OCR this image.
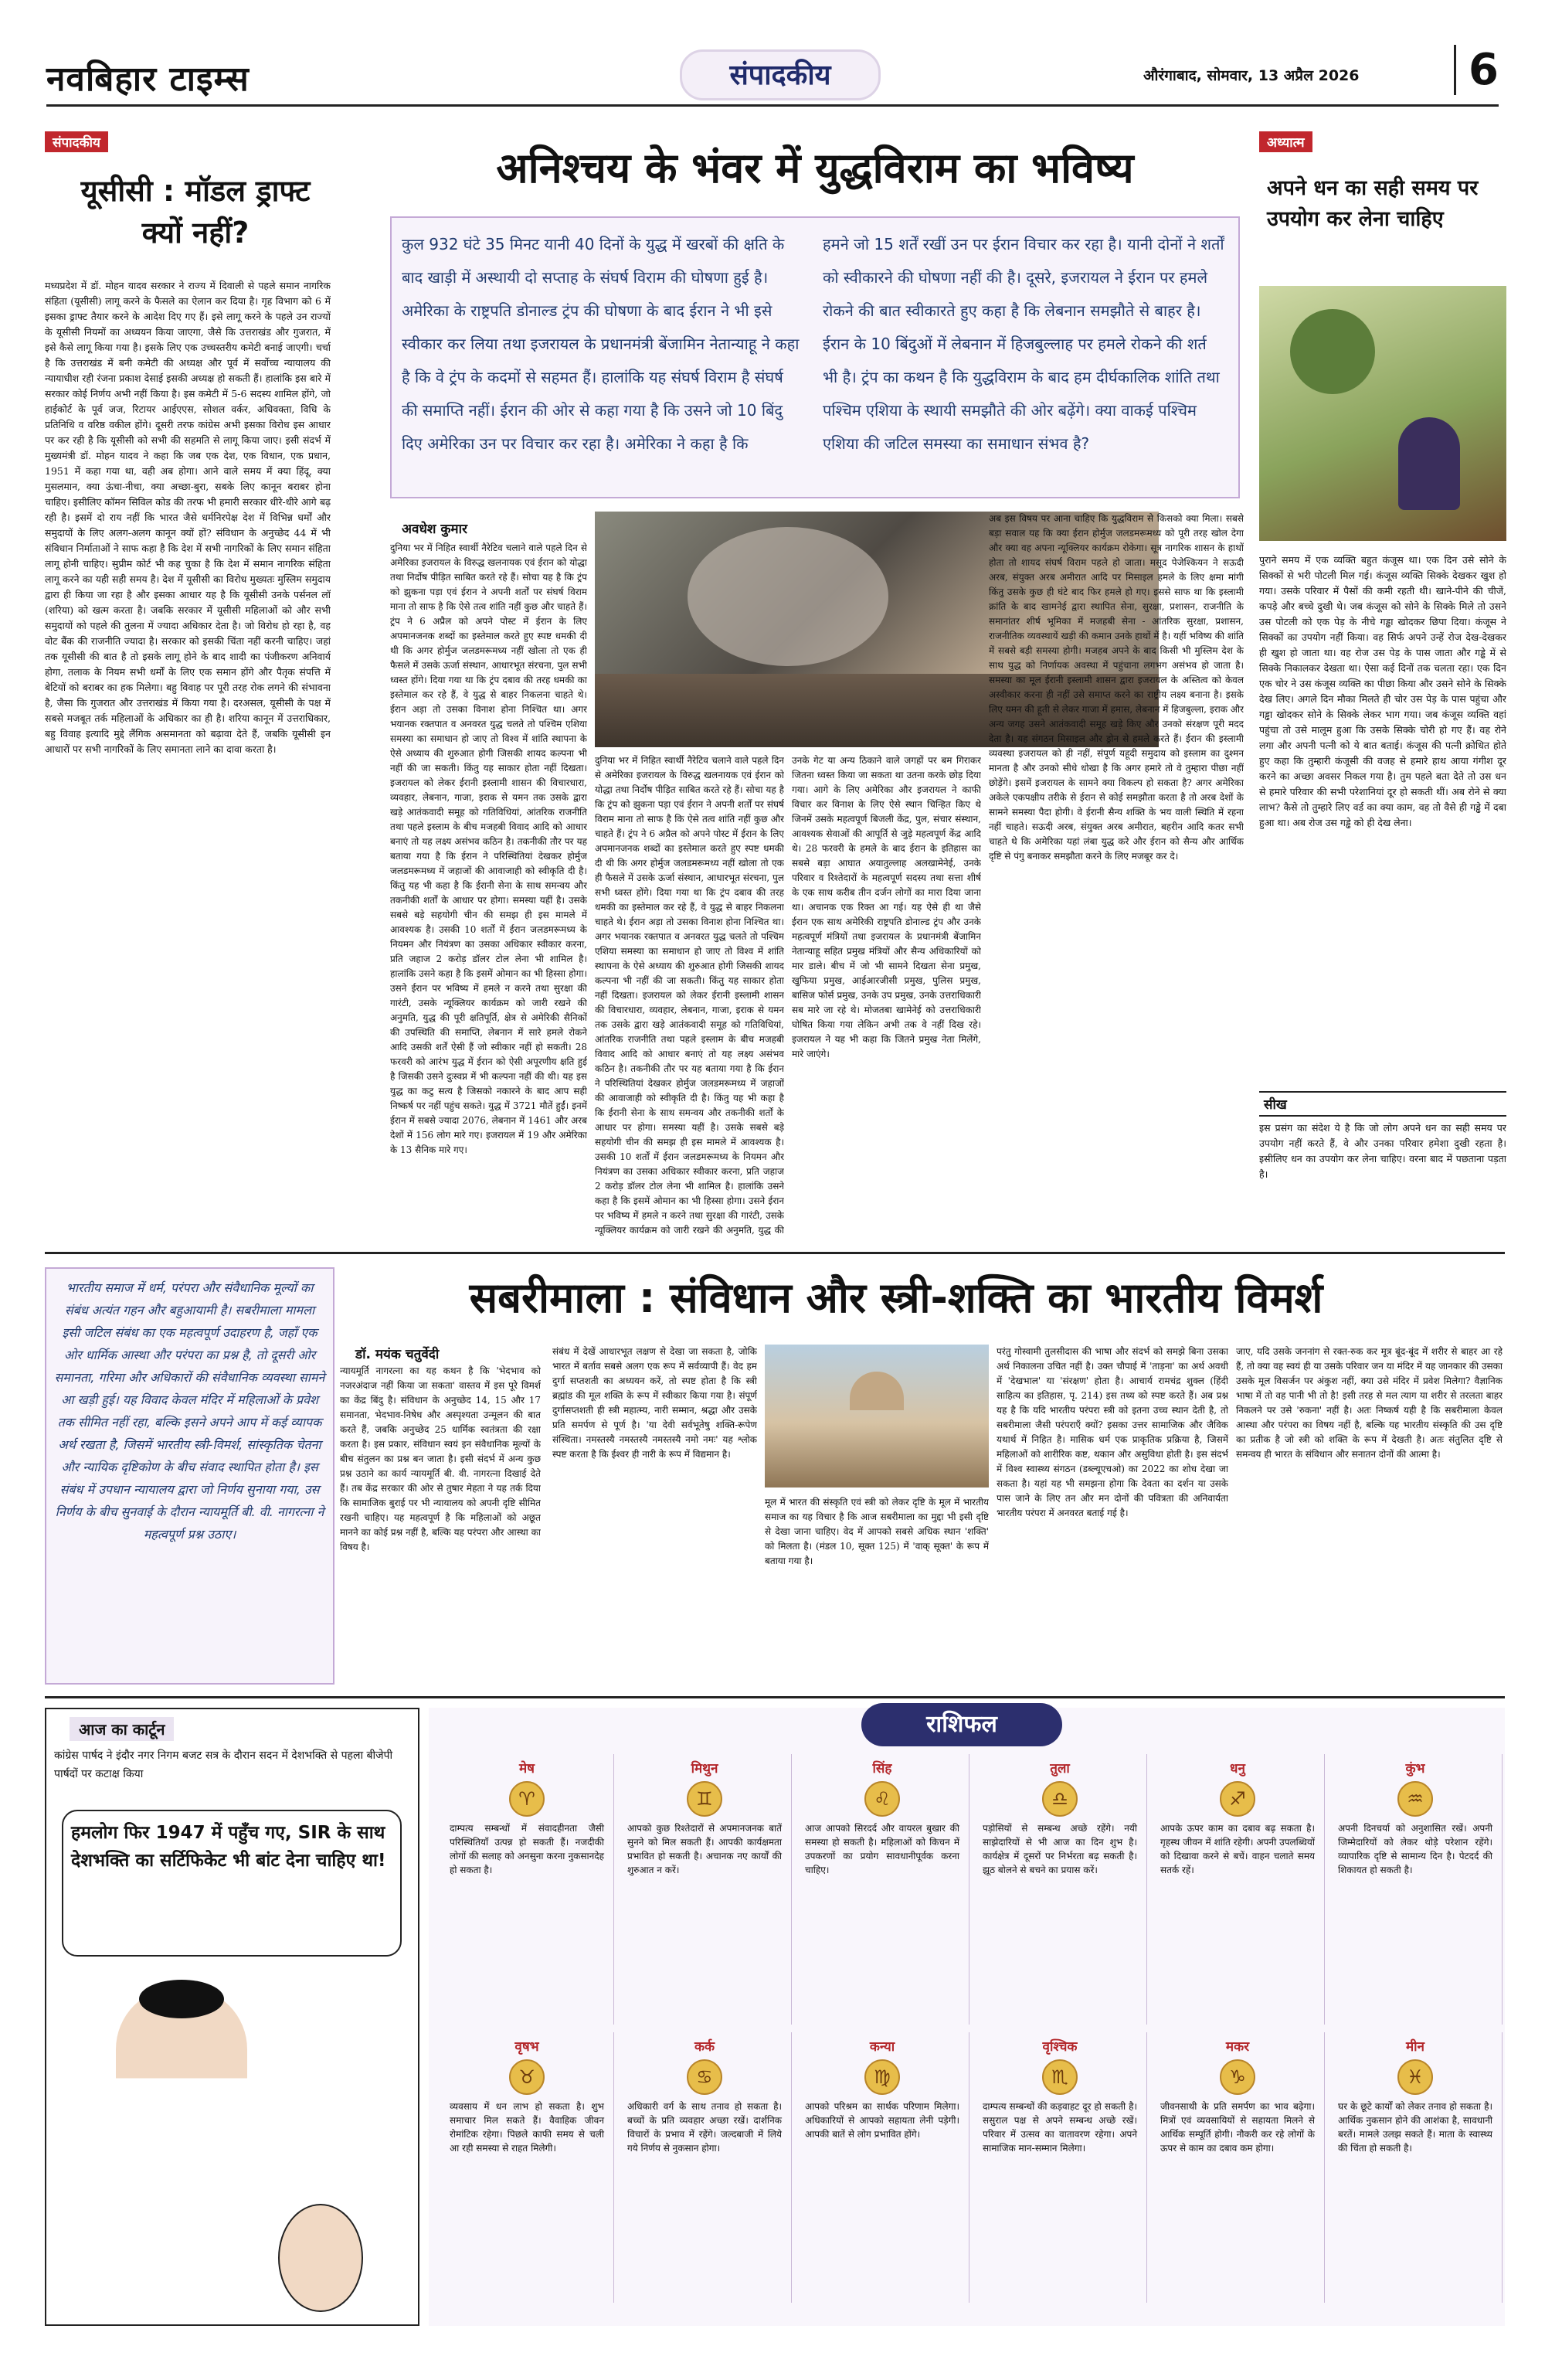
नवबिहार टाइम्स	संपादकीय	औरंगाबाद, सोमवार, 13 अप्रैल 2026	6
संपादकीय
यूसीसी : मॉडल ड्राफ्ट क्यों नहीं?
मध्यप्रदेश में डॉ. मोहन यादव सरकार ने राज्य में दिवाली से पहले समान नागरिक संहिता (यूसीसी) लागू करने के फैसले का ऐलान कर दिया है। गृह विभाग को 6 में इसका ड्राफ्ट तैयार करने के आदेश दिए गए हैं। इसे लागू करने के पहले उन राज्यों के यूसीसी नियमों का अध्ययन किया जाएगा, जैसे कि उत्तराखंड और गुजरात, में इसे कैसे लागू किया गया है। इसके लिए एक उच्चस्तरीय कमेटी बनाई जाएगी। चर्चा है कि उत्तराखंड में बनी कमेटी की अध्यक्ष और पूर्व में सर्वोच्च न्यायालय की न्यायाधीश रही रंजना प्रकाश देसाई इसकी अध्यक्ष हो सकती हैं। हालांकि इस बारे में सरकार कोई निर्णय अभी नहीं किया है। इस कमेटी में 5-6 सदस्य शामिल होंगे, जो हाईकोर्ट के पूर्व जज, रिटायर आईएएस, सोशल वर्कर, अधिवक्ता, विधि के प्रतिनिधि व वरिष्ठ वकील होंगे। दूसरी तरफ कांग्रेस अभी इसका विरोध इस आधार पर कर रही है कि यूसीसी को सभी की सहमति से लागू किया जाए। इसी संदर्भ में मुख्यमंत्री डॉ. मोहन यादव ने कहा कि जब एक देश, एक विधान, एक प्रधान, 1951 में कहा गया था, वही अब होगा। आने वाले समय में क्या हिंदू, क्या मुसलमान, क्या ऊंचा-नीचा, क्या अच्छा-बुरा, सबके लिए कानून बराबर होना चाहिए। इसीलिए कॉमन सिविल कोड की तरफ भी हमारी सरकार धीरे-धीरे आगे बढ़ रही है। इसमें दो राय नहीं कि भारत जैसे धर्मनिरपेक्ष देश में विभिन्न धर्मों और समुदायों के लिए अलग-अलग कानून क्यों हों? संविधान के अनुच्छेद 44 में भी संविधान निर्माताओं ने साफ कहा है कि देश में सभी नागरिकों के लिए समान संहिता लागू होनी चाहिए। सुप्रीम कोर्ट भी कह चुका है कि देश में समान नागरिक संहिता लागू करने का यही सही समय है। देश में यूसीसी का विरोध मुख्यतः मुस्लिम समुदाय द्वारा ही किया जा रहा है और इसका आधार यह है कि यूसीसी उनके पर्सनल लॉ (शरिया) को खत्म करता है। जबकि सरकार में यूसीसी महिलाओं को और सभी समुदायों को पहले की तुलना में ज्यादा अधिकार देता है। जो विरोध हो रहा है, वह वोट बैंक की राजनीति ज्यादा है। सरकार को इसकी चिंता नहीं करनी चाहिए। जहां तक यूसीसी की बात है तो इसके लागू होने के बाद शादी का पंजीकरण अनिवार्य होगा, तलाक के नियम सभी धर्मों के लिए एक समान होंगे और पैतृक संपत्ति में बेटियों को बराबर का हक मिलेगा। बहु विवाह पर पूरी तरह रोक लगने की संभावना है, जैसा कि गुजरात और उत्तराखंड में किया गया है। दरअसल, यूसीसी के पक्ष में सबसे मजबूत तर्क महिलाओं के अधिकार का ही है। शरिया कानून में उत्तराधिकार, बहु विवाह इत्यादि मुद्दे लैंगिक असमानता को बढ़ावा देते हैं, जबकि यूसीसी इन आधारों पर सभी नागरिकों के लिए समानता लाने का दावा करता है।
अनिश्चय के भंवर में युद्धविराम का भविष्य
कुल 932 घंटे 35 मिनट यानी 40 दिनों के युद्ध में खरबों की क्षति के बाद खाड़ी में अस्थायी दो सप्ताह के संघर्ष विराम की घोषणा हुई है। अमेरिका के राष्ट्रपति डोनाल्ड ट्रंप की घोषणा के बाद ईरान ने भी इसे स्वीकार कर लिया तथा इजरायल के प्रधानमंत्री बेंजामिन नेतान्याहू ने कहा है कि वे ट्रंप के कदमों से सहमत हैं। हालांकि यह संघर्ष विराम है संघर्ष की समाप्ति नहीं। ईरान की ओर से कहा गया है कि उसने जो 10 बिंदु दिए अमेरिका उन पर विचार कर रहा है। अमेरिका ने कहा है कि
हमने जो 15 शर्तें रखीं उन पर ईरान विचार कर रहा है। यानी दोनों ने शर्तों को स्वीकारने की घोषणा नहीं की है। दूसरे, इजरायल ने ईरान पर हमले रोकने की बात स्वीकारते हुए कहा है कि लेबनान समझौते से बाहर है। ईरान के 10 बिंदुओं में लेबनान में हिजबुल्लाह पर हमले रोकने की शर्त भी है। ट्रंप का कथन है कि युद्धविराम के बाद हम दीर्घकालिक शांति तथा पश्चिम एशिया के स्थायी समझौते की ओर बढ़ेंगे। क्या वाकई पश्चिम एशिया की जटिल समस्या का समाधान संभव है?
अवधेश कुमार
दुनिया भर में निहित स्वार्थी नैरेटिव चलाने वाले पहले दिन से अमेरिका इजरायल के विरुद्ध खलनायक एवं ईरान को योद्धा तथा निर्दोष पीड़ित साबित करते रहे हैं। सोचा यह है कि ट्रंप को झुकना पड़ा एवं ईरान ने अपनी शर्तों पर संघर्ष विराम माना तो साफ है कि ऐसे तत्व शांति नहीं कुछ और चाहते हैं। ट्रंप ने 6 अप्रैल को अपने पोस्ट में ईरान के लिए अपमानजनक शब्दों का इस्तेमाल करते हुए स्पष्ट धमकी दी थी कि अगर होर्मुज जलडमरूमध्य नहीं खोला तो एक ही फैसले में उसके ऊर्जा संस्थान, आधारभूत संरचना, पुल सभी ध्वस्त होंगे। दिया गया था कि ट्रंप दबाव की तरह धमकी का इस्तेमाल कर रहे हैं, वे युद्ध से बाहर निकलना चाहते थे। ईरान अड़ा तो उसका विनाश होना निश्चित था। अगर भयानक रक्तपात व अनवरत युद्ध चलते तो पश्चिम एशिया समस्या का समाधान हो जाए तो विश्व में शांति स्थापना के ऐसे अध्याय की शुरुआत होगी जिसकी शायद कल्पना भी नहीं की जा सकती। किंतु यह साकार होता नहीं दिखता। इजरायल को लेकर ईरानी इस्लामी शासन की विचारधारा, व्यवहार, लेबनान, गाजा, इराक से यमन तक उसके द्वारा खड़े आतंकवादी समूह को गतिविधियां, आंतरिक राजनीति तथा पहले इस्लाम के बीच मजहबी विवाद आदि को आधार बनाएं तो यह लक्ष्य असंभव कठिन है। तकनीकी तौर पर यह बताया गया है कि ईरान ने परिस्थितियां देखकर होर्मुज जलडमरूमध्य में जहाजों की आवाजाही को स्वीकृति दी है। किंतु यह भी कहा है कि ईरानी सेना के साथ समन्वय और तकनीकी शर्तों के आधार पर होगा। समस्या यहीं है। उसके सबसे बड़े सहयोगी चीन की समझ ही इस मामले में आवश्यक है। उसकी 10 शर्तों में ईरान जलडमरूमध्य के नियमन और नियंत्रण का उसका अधिकार स्वीकार करना, प्रति जहाज 2 करोड़ डॉलर टोल लेना भी शामिल है। हालांकि उसने कहा है कि इसमें ओमान का भी हिस्सा होगा। उसने ईरान पर भविष्य में हमले न करने तथा सुरक्षा की गारंटी, उसके न्यूक्लियर कार्यक्रम को जारी रखने की अनुमति, युद्ध की पूरी क्षतिपूर्ति, क्षेत्र से अमेरिकी सैनिकों की उपस्थिति की समाप्ति, लेबनान में सारे हमले रोकने आदि उसकी शर्तें ऐसी हैं जो स्वीकार नहीं हो सकती। 28 फरवरी को आरंभ युद्ध में ईरान को ऐसी अपूरणीय क्षति हुई है जिसकी उसने दुःस्वप्न में भी कल्पना नहीं की थी। यह इस युद्ध का कटु सत्य है जिसको नकारने के बाद आप सही निष्कर्ष पर नहीं पहुंच सकते। युद्ध में 3721 मौतें हुईं। इनमें ईरान में सबसे ज्यादा 2076, लेबनान में 1461 और अरब देशों में 156 लोग मारे गए। इजरायल में 19 और अमेरिका के 13 सैनिक मारे गए।
दुनिया भर में निहित स्वार्थी नैरेटिव चलाने वाले पहले दिन से अमेरिका इजरायल के विरुद्ध खलनायक एवं ईरान को योद्धा तथा निर्दोष पीड़ित साबित करते रहे हैं। सोचा यह है कि ट्रंप को झुकना पड़ा एवं ईरान ने अपनी शर्तों पर संघर्ष विराम माना तो साफ है कि ऐसे तत्व शांति नहीं कुछ और चाहते हैं। ट्रंप ने 6 अप्रैल को अपने पोस्ट में ईरान के लिए अपमानजनक शब्दों का इस्तेमाल करते हुए स्पष्ट धमकी दी थी कि अगर होर्मुज जलडमरूमध्य नहीं खोला तो एक ही फैसले में उसके ऊर्जा संस्थान, आधारभूत संरचना, पुल सभी ध्वस्त होंगे। दिया गया था कि ट्रंप दबाव की तरह धमकी का इस्तेमाल कर रहे हैं, वे युद्ध से बाहर निकलना चाहते थे। ईरान अड़ा तो उसका विनाश होना निश्चित था। अगर भयानक रक्तपात व अनवरत युद्ध चलते तो पश्चिम एशिया समस्या का समाधान हो जाए तो विश्व में शांति स्थापना के ऐसे अध्याय की शुरुआत होगी जिसकी शायद कल्पना भी नहीं की जा सकती। किंतु यह साकार होता नहीं दिखता। इजरायल को लेकर ईरानी इस्लामी शासन की विचारधारा, व्यवहार, लेबनान, गाजा, इराक से यमन तक उसके द्वारा खड़े आतंकवादी समूह को गतिविधियां, आंतरिक राजनीति तथा पहले इस्लाम के बीच मजहबी विवाद आदि को आधार बनाएं तो यह लक्ष्य असंभव कठिन है। तकनीकी तौर पर यह बताया गया है कि ईरान ने परिस्थितियां देखकर होर्मुज जलडमरूमध्य में जहाजों की आवाजाही को स्वीकृति दी है। किंतु यह भी कहा है कि ईरानी सेना के साथ समन्वय और तकनीकी शर्तों के आधार पर होगा। समस्या यहीं है। उसके सबसे बड़े सहयोगी चीन की समझ ही इस मामले में आवश्यक है। उसकी 10 शर्तों में ईरान जलडमरूमध्य के नियमन और नियंत्रण का उसका अधिकार स्वीकार करना, प्रति जहाज 2 करोड़ डॉलर टोल लेना भी शामिल है। हालांकि उसने कहा है कि इसमें ओमान का भी हिस्सा होगा। उसने ईरान पर भविष्य में हमले न करने तथा सुरक्षा की गारंटी, उसके न्यूक्लियर कार्यक्रम को जारी रखने की अनुमति, युद्ध की
उनके गेट या अन्य ठिकाने वाले जगहों पर बम गिराकर जितना ध्वस्त किया जा सकता था उतना करके छोड़ दिया गया। आगे के लिए अमेरिका और इजरायल ने काफी विचार कर विनाश के लिए ऐसे स्थान चिन्हित किए थे जिनमें उसके महत्वपूर्ण बिजली केंद्र, पुल, संचार संस्थान, आवश्यक सेवाओं की आपूर्ति से जुड़े महत्वपूर्ण केंद्र आदि थे। 28 फरवरी के हमले के बाद ईरान के इतिहास का सबसे बड़ा आघात अयातुल्लाह अलखामेनेई, उनके परिवार व रिश्तेदारों के महत्वपूर्ण सदस्य तथा सत्ता शीर्ष के एक साथ करीब तीन दर्जन लोगों का मारा दिया जाना था। अचानक एक रिक्त आ गई। यह ऐसे ही था जैसे ईरान एक साथ अमेरिकी राष्ट्रपति डोनाल्ड ट्रंप और उनके महत्वपूर्ण मंत्रियों तथा इजरायल के प्रधानमंत्री बेंजामिन नेतान्याहू सहित प्रमुख मंत्रियों और सैन्य अधिकारियों को मार डाले। बीच में जो भी सामने दिखता सेना प्रमुख, खुफिया प्रमुख, आईआरजीसी प्रमुख, पुलिस प्रमुख, बासिज फोर्स प्रमुख, उनके उप प्रमुख, उनके उत्तराधिकारी सब मारे जा रहे थे। मोजतबा खामेनेई को उत्तराधिकारी घोषित किया गया लेकिन अभी तक वे नहीं दिख रहे। इजरायल ने यह भी कहा कि जितने प्रमुख नेता मिलेंगे, मारे जाएंगे।
अब इस विषय पर आना चाहिए कि युद्धविराम से किसको क्या मिला। सबसे बड़ा सवाल यह कि क्या ईरान होर्मुज जलडमरूमध्य को पूरी तरह खोल देगा और क्या वह अपना न्यूक्लियर कार्यक्रम रोकेगा। सूत्र नागरिक शासन के हाथों होता तो शायद संघर्ष विराम पहले हो जाता। मसूद पेजेश्कियन ने सऊदी अरब, संयुक्त अरब अमीरात आदि पर मिसाइल हमले के लिए क्षमा मांगी किंतु उसके कुछ ही घंटे बाद फिर हमले हो गए। इससे साफ था कि इस्लामी क्रांति के बाद खामनेई द्वारा स्थापित सेना, सुरक्षा, प्रशासन, राजनीति के समानांतर शीर्ष भूमिका में मजहबी सेना - आंतरिक सुरक्षा, प्रशासन, राजनीतिक व्यवस्थायें खड़ी की कमान उनके हाथों में है। यहीं भविष्य की शांति में सबसे बड़ी समस्या होगी। मजहब अपने के बाद किसी भी मुस्लिम देश के साथ युद्ध को निर्णायक अवस्था में पहुंचाना लगभग असंभव हो जाता है। समस्या का मूल ईरानी इस्लामी शासन द्वारा इजरायल के अस्तित्व को केवल अस्वीकार करना ही नहीं उसे समाप्त करने का राष्ट्रीय लक्ष्य बनाना है। इसके लिए यमन की हूती से लेकर गाजा में हमास, लेबनान में हिजबुल्ला, इराक और अन्य जगह उसने आतंकवादी समूह खड़े किए और उनको संरक्षण पूरी मदद देता है। यह संगठन मिसाइल और ड्रोन से हमले करते हैं। ईरान की इस्लामी व्यवस्था इजरायल को ही नहीं, संपूर्ण यहूदी समुदाय को इस्लाम का दुश्मन मानता है और उनको सीधे धोखा है कि अगर हमारे तो वे तुम्हारा पीछा नहीं छोड़ेंगे। इसमें इजरायल के सामने क्या विकल्प हो सकता है? अगर अमेरिका अकेले एकपक्षीय तरीके से ईरान से कोई समझौता करता है तो अरब देशों के सामने समस्या पैदा होगी। वे ईरानी सैन्य शक्ति के भय वाली स्थिति में रहना नहीं चाहते। सऊदी अरब, संयुक्त अरब अमीरात, बहरीन आदि कतर सभी चाहते थे कि अमेरिका यहां लंबा युद्ध करे और ईरान को सैन्य और आर्थिक दृष्टि से पंगु बनाकर समझौता करने के लिए मजबूर कर दे।
अध्यात्म
अपने धन का सही समय पर उपयोग कर लेना चाहिए
पुराने समय में एक व्यक्ति बहुत कंजूस था। एक दिन उसे सोने के सिक्कों से भरी पोटली मिल गई। कंजूस व्यक्ति सिक्के देखकर खुश हो गया। उसके परिवार में पैसों की कमी रहती थी। खाने-पीने की चीजें, कपड़े और बच्चे दुखी थे। जब कंजूस को सोने के सिक्के मिले तो उसने उस पोटली को एक पेड़ के नीचे गड्ढा खोदकर छिपा दिया। कंजूस ने सिक्कों का उपयोग नहीं किया। वह सिर्फ अपने उन्हें रोज देख-देखकर ही खुश हो जाता था। वह रोज उस पेड़ के पास जाता और गड्ढे में से सिक्के निकालकर देखता था। ऐसा कई दिनों तक चलता रहा। एक दिन एक चोर ने उस कंजूस व्यक्ति का पीछा किया और उसने सोने के सिक्के देख लिए। अगले दिन मौका मिलते ही चोर उस पेड़ के पास पहुंचा और गड्ढा खोदकर सोने के सिक्के लेकर भाग गया। जब कंजूस व्यक्ति वहां पहुंचा तो उसे मालूम हुआ कि उसके सिक्के चोरी हो गए हैं। वह रोने लगा और अपनी पत्नी को ये बात बताई। कंजूस की पत्नी क्रोधित होते हुए कहा कि तुम्हारी कंजूसी की वजह से हमारे हाथ आया गंगीश दूर करने का अच्छा अवसर निकल गया है। तुम पहले बता देते तो उस धन से हमारे परिवार की सभी परेशानियां दूर हो सकती थीं। अब रोने से क्या लाभ? कैसे तो तुम्हारे लिए वर्ड का क्या काम, वह तो वैसे ही गड्ढे में दबा हुआ था। अब रोज उस गड्ढे को ही देख लेना।
सीख
इस प्रसंग का संदेश ये है कि जो लोग अपने धन का सही समय पर उपयोग नहीं करते हैं, वे और उनका परिवार हमेशा दुखी रहता है। इसीलिए धन का उपयोग कर लेना चाहिए। वरना बाद में पछताना पड़ता है।
सबरीमाला : संविधान और स्त्री-शक्ति का भारतीय विमर्श
भारतीय समाज में धर्म, परंपरा और संवैधानिक मूल्यों का संबंध अत्यंत गहन और बहुआयामी है। सबरीमाला मामला इसी जटिल संबंध का एक महत्वपूर्ण उदाहरण है, जहाँ एक ओर धार्मिक आस्था और परंपरा का प्रश्न है, तो दूसरी ओर समानता, गरिमा और अधिकारों की संवैधानिक व्यवस्था सामने आ खड़ी हुई। यह विवाद केवल मंदिर में महिलाओं के प्रवेश तक सीमित नहीं रहा, बल्कि इसने अपने आप में कई व्यापक अर्थ रखता है, जिसमें भारतीय स्त्री-विमर्श, सांस्कृतिक चेतना और न्यायिक दृष्टिकोण के बीच संवाद स्थापित होता है। इस संबंध में उपधान न्यायालय द्वारा जो निर्णय सुनाया गया, उस निर्णय के बीच सुनवाई के दौरान न्यायमूर्ति बी. वी. नागरत्ना ने महत्वपूर्ण प्रश्न उठाए।
डॉ. मयंक चतुर्वेदी
न्यायमूर्ति नागरत्ना का यह कथन है कि 'भेदभाव को नजरअंदाज नहीं किया जा सकता' वास्तव में इस पूरे विमर्श का केंद्र बिंदु है। संविधान के अनुच्छेद 14, 15 और 17 समानता, भेदभाव-निषेध और अस्पृश्यता उन्मूलन की बात करते हैं, जबकि अनुच्छेद 25 धार्मिक स्वतंत्रता की रक्षा करता है। इस प्रकार, संविधान स्वयं इन संवैधानिक मूल्यों के बीच संतुलन का प्रश्न बन जाता है। इसी संदर्भ में अन्य कुछ प्रश्न उठाने का कार्य न्यायमूर्ति बी. वी. नागरत्ना दिखाई देते हैं। तब केंद्र सरकार की ओर से तुषार मेहता ने यह तर्क दिया कि सामाजिक बुराई पर भी न्यायालय को अपनी दृष्टि सीमित रखनी चाहिए। यह महत्वपूर्ण है कि महिलाओं को अछूत मानने का कोई प्रश्न नहीं है, बल्कि यह परंपरा और आस्था का विषय है।
संबंध में देखें आधारभूत लक्षण से देखा जा सकता है, जोकि भारत में बर्ताव सबसे अलग एक रूप में सर्वव्यापी हैं। वेद हम दुर्गा सप्तशती का अध्ययन करें, तो स्पष्ट होता है कि स्त्री ब्रह्मांड की मूल शक्ति के रूप में स्वीकार किया गया है। संपूर्ण दुर्गासप्तशती ही स्त्री महात्म्य, नारी सम्मान, श्रद्धा और उसके प्रति समर्पण से पूर्ण है। 'या देवी सर्वभूतेषु शक्ति-रूपेण संस्थिता। नमस्तस्यै नमस्तस्यै नमस्तस्यै नमो नमः' यह श्लोक स्पष्ट करता है कि ईश्वर ही नारी के रूप में विद्यमान है।
मूल में भारत की संस्कृति एवं स्त्री को लेकर दृष्टि के मूल में भारतीय समाज का यह विचार है कि आज सबरीमाला का मुद्दा भी इसी दृष्टि से देखा जाना चाहिए। वेद में आपको सबसे अधिक स्थान 'शक्ति' को मिलता है। (मंडल 10, सूक्त 125) में 'वाक् सूक्त' के रूप में बताया गया है।
परंतु गोस्वामी तुलसीदास की भाषा और संदर्भ को समझे बिना उसका अर्थ निकालना उचित नहीं है। उक्त चौपाई में 'ताड़ना' का अर्थ अवधी में 'देखभाल' या 'संरक्षण' होता है। आचार्य रामचंद्र शुक्ल (हिंदी साहित्य का इतिहास, पृ. 214) इस तथ्य को स्पष्ट करते हैं। अब प्रश्न यह है कि यदि भारतीय परंपरा स्त्री को इतना उच्च स्थान देती है, तो सबरीमाला जैसी परंपराएँ क्यों? इसका उत्तर सामाजिक और जैविक यथार्थ में निहित है। मासिक धर्म एक प्राकृतिक प्रक्रिया है, जिसमें महिलाओं को शारीरिक कष्ट, थकान और असुविधा होती है। इस संदर्भ में विश्व स्वास्थ्य संगठन (डब्ल्यूएचओ) का 2022 का शोध देखा जा सकता है। यहां यह भी समझना होगा कि देवता का दर्शन या उसके पास जाने के लिए तन और मन दोनों की पवित्रता की अनिवार्यता भारतीय परंपरा में अनवरत बताई गई है।
जाए, यदि उसके जननांग से रक्त-रुक कर मूत्र बूंद-बूंद में शरीर से बाहर आ रहे हैं, तो क्या वह स्वयं ही या उसके परिवार जन या मंदिर में यह जानकार की उसका उसके मूल विसर्जन पर अंकुश नहीं, क्या उसे मंदिर में प्रवेश मिलेगा? वैज्ञानिक भाषा में तो वह पानी भी तो है! इसी तरह से मल त्याग या शरीर से तरलता बाहर निकलने पर उसे 'रुकना' नहीं है। अतः निष्कर्ष यही है कि सबरीमाला केवल आस्था और परंपरा का विषय नहीं है, बल्कि यह भारतीय संस्कृति की उस दृष्टि का प्रतीक है जो स्त्री को शक्ति के रूप में देखती है। अतः संतुलित दृष्टि से समन्वय ही भारत के संविधान और सनातन दोनों की आत्मा है।
आज का कार्टून
कांग्रेस पार्षद ने इंदौर नगर निगम बजट सत्र के दौरान सदन में देशभक्ति से पहला बीजेपी पार्षदों पर कटाक्ष किया
हमलोग फिर 1947 में पहुँच गए, SIR के साथ देशभक्ति का सर्टिफिकेट भी बांट देना चाहिए था!
राशिफल
मेष
♈
दाम्पत्य सम्बन्धों में संवादहीनता जैसी परिस्थितियाँ उत्पन्न हो सकती हैं। नजदीकी लोगों की सलाह को अनसुना करना नुकसानदेह हो सकता है।
मिथुन
♊
आपको कुछ रिश्तेदारों से अपमानजनक बातें सुनने को मिल सकती हैं। आपकी कार्यक्षमता प्रभावित हो सकती है। अचानक नए कार्यों की शुरुआत न करें।
सिंह
♌
आज आपको सिरदर्द और वायरल बुखार की समस्या हो सकती है। महिलाओं को किचन में उपकरणों का प्रयोग सावधानीपूर्वक करना चाहिए।
तुला
♎
पड़ोसियों से सम्बन्ध अच्छे रहेंगे। नयी साझेदारियों से भी आज का दिन शुभ है। कार्यक्षेत्र में दूसरों पर निर्भरता बढ़ सकती है। झूठ बोलने से बचने का प्रयास करें।
धनु
♐
आपके ऊपर काम का दबाव बढ़ सकता है। गृहस्थ जीवन में शांति रहेगी। अपनी उपलब्धियों को दिखावा करने से बचें। वाहन चलाते समय सतर्क रहें।
कुंभ
♒
अपनी दिनचर्या को अनुशासित रखें। अपनी जिम्मेदारियों को लेकर थोड़े परेशान रहेंगे। व्यापारिक दृष्टि से सामान्य दिन है। पेटदर्द की शिकायत हो सकती है।
वृषभ
♉
व्यवसाय में धन लाभ हो सकता है। शुभ समाचार मिल सकते हैं। वैवाहिक जीवन रोमांटिक रहेगा। पिछले काफी समय से चली आ रही समस्या से राहत मिलेगी।
कर्क
♋
अधिकारी वर्ग के साथ तनाव हो सकता है। बच्चों के प्रति व्यवहार अच्छा रखें। दार्शनिक विचारों के प्रभाव में रहेंगे। जल्दबाजी में लिये गये निर्णय से नुकसान होगा।
कन्या
♍
आपको परिश्रम का सार्थक परिणाम मिलेगा। अधिकारियों से आपको सहायता लेनी पड़ेगी। आपकी बातें से लोग प्रभावित होंगे।
वृश्चिक
♏
दाम्पत्य सम्बन्धों की कड़वाहट दूर हो सकती है। ससुराल पक्ष से अपने सम्बन्ध अच्छे रखें। परिवार में उत्सव का वातावरण रहेगा। अपने सामाजिक मान-सम्मान मिलेगा।
मकर
♑
जीवनसाथी के प्रति समर्पण का भाव बढ़ेगा। मित्रों एवं व्यवसायियों से सहायता मिलने से आर्थिक सम्पूर्ति होगी। नौकरी कर रहे लोगों के ऊपर से काम का दबाव कम होगा।
मीन
♓
घर के छूटे कार्यों को लेकर तनाव हो सकता है। आर्थिक नुकसान होने की आशंका है, सावधानी बरतें। मामले उलझ सकते हैं। माता के स्वास्थ्य की चिंता हो सकती है।
